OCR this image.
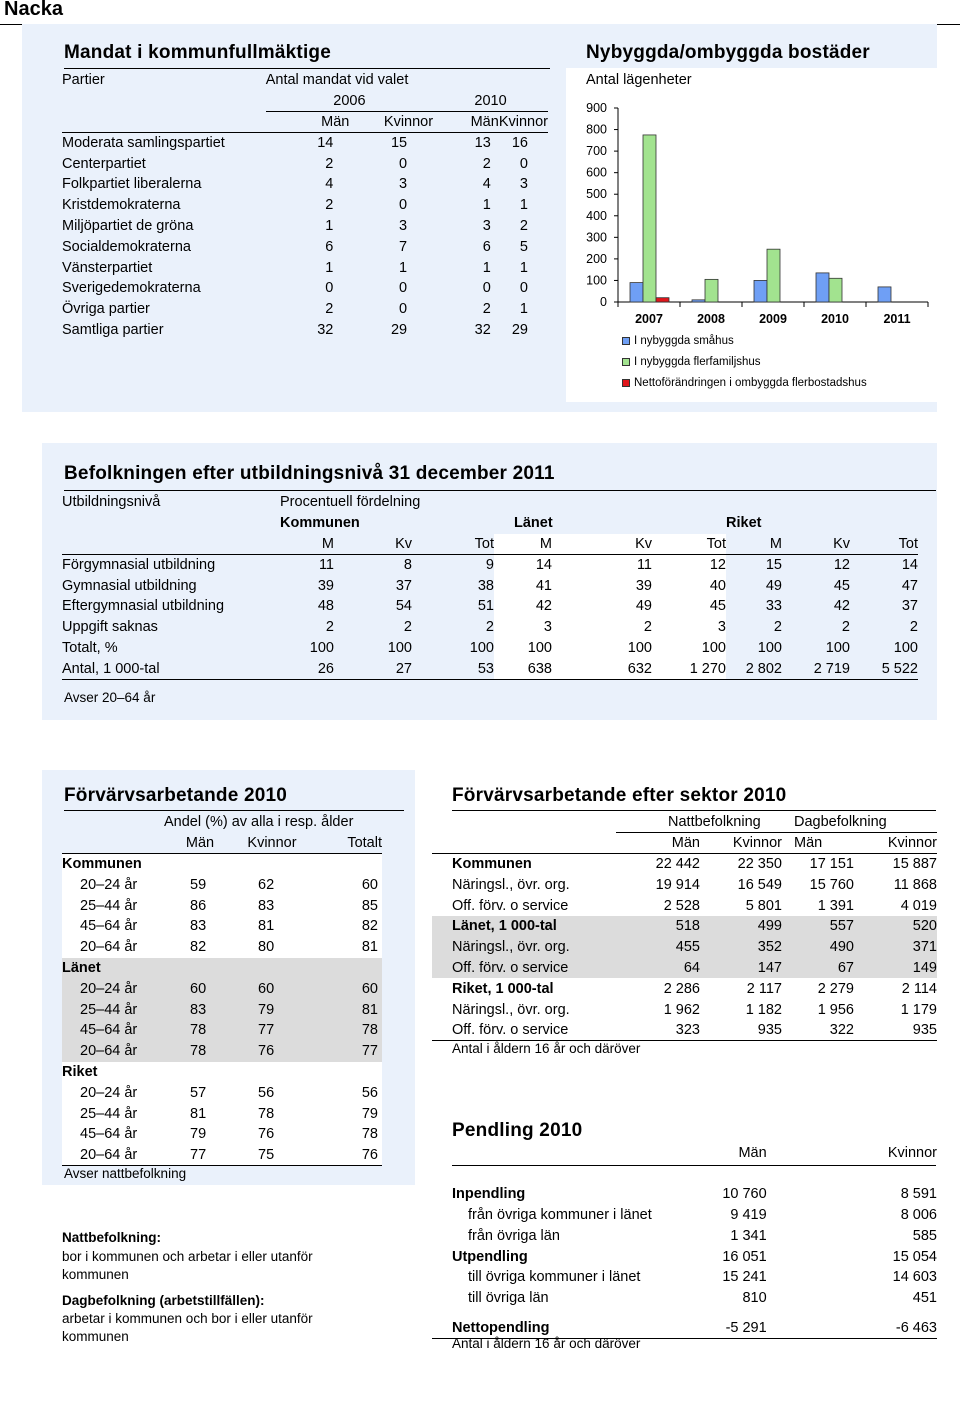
Nacka
Mandat i kommunfullmäktige
Partier	Antal mandat vid valet			
	2006		2010	
	Män	Kvinnor	Män	Kvinnor
Moderata samlingspartiet	14	15	13	16
Centerpartiet	2	0	2	0
Folkpartiet liberalerna	4	3	4	3
Kristdemokraterna	2	0	1	1
Miljöpartiet de gröna	1	3	3	2
Socialdemokraterna	6	7	6	5
Vänsterpartiet	1	1	1	1
Sverigedemokraterna	0	0	0	0
Övriga partier	2	0	2	1
Samtliga partier	32	29	32	29
Nybyggda/ombyggda bostäder
Antal lägenheter
0
100
200
300
400
500
600
700
800
900
2007	2008	2009	2010	2011
I nybyggda småhus
I nybyggda flerfamiljshus
Nettoförändringen i ombyggda flerbostadshus
Befolkningen efter utbildningsnivå 31 december 2011
Utbildningsnivå	Procentuell fördelning								
	Kommunen			Länet			Riket		
	M	Kv	Tot	M	Kv	Tot	M	Kv	Tot
Förgymnasial utbildning	11	8	9	14	11	12	15	12	14
Gymnasial utbildning	39	37	38	41	39	40	49	45	47
Eftergymnasial utbildning	48	54	51	42	49	45	33	42	37
Uppgift saknas	2	2	2	3	2	3	2	2	2
Totalt, %	100	100	100	100	100	100	100	100	100
Antal, 1 000-tal	26	27	53	638	632	1 270	2 802	2 719	5 522
Avser 20–64 år
Förvärvsarbetande 2010
	Andel (%) av alla i resp. ålder		
	Män	Kvinnor	Totalt
Kommunen			
20–24 år	59	62	60
25–44 år	86	83	85
45–64 år	83	81	82
20–64 år	82	80	81
Länet			
20–24 år	60	60	60
25–44 år	83	79	81
45–64 år	78	77	78
20–64 år	78	76	77
Riket			
20–24 år	57	56	56
25–44 år	81	78	79
45–64 år	79	76	78
20–64 år	77	75	76
Avser nattbefolkning
Nattbefolkning:
bor i kommunen och arbetar i eller utanför
kommunen
Dagbefolkning (arbetstillfällen):
arbetar i kommunen och bor i eller utanför
kommunen
Förvärvsarbetande efter sektor 2010
	Nattbefolkning		Dagbefolkning	
	Män	Kvinnor	Män	Kvinnor
Kommunen	22 442	22 350	17 151	15 887
Näringsl., övr. org.	19 914	16 549	15 760	11 868
Off. förv. o service	2 528	5 801	1 391	4 019
Länet, 1 000-tal	518	499	557	520
Näringsl., övr. org.	455	352	490	371
Off. förv. o service	64	147	67	149
Riket, 1 000-tal	2 286	2 117	2 279	2 114
Näringsl., övr. org.	1 962	1 182	1 956	1 179
Off. förv. o service	323	935	322	935
Antal i åldern 16 år och däröver
Pendling 2010
	Män	Kvinnor

Inpendling	10 760	8 591
från övriga kommuner i länet	9 419	8 006
från övriga län	1 341	585
Utpendling	16 051	15 054
till övriga kommuner i länet	15 241	14 603
till övriga län	810	451
Nettopendling	-5 291	-6 463
Antal i åldern 16 år och däröver
